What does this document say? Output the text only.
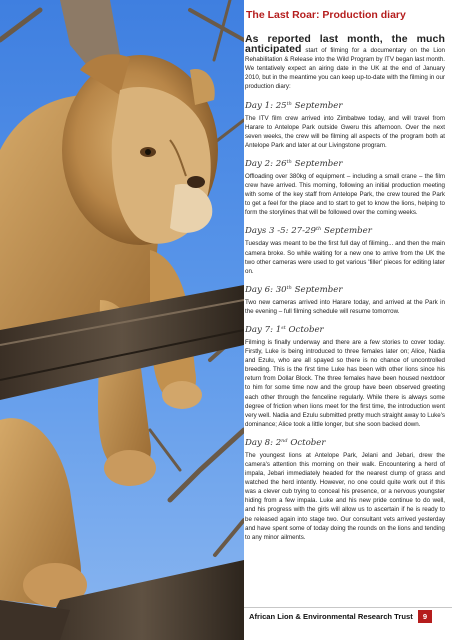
The Last Roar: Production diary

As reported last month, the much anticipated start of filming for a documentary on the Lion Rehabilitation & Release into the Wild Program by ITV began last month. We tentatively expect an airing date in the UK at the end of January 2010, but in the meantime you can keep up-to-date with the filming in our production diary:

Day 1: 25th September

The ITV film crew arrived into Zimbabwe today, and will travel from Harare to Antelope Park outside Gweru this afternoon. Over the next seven weeks, the crew will be filming all aspects of the program both at Antelope Park and later at our Livingstone program.

Day 2: 26th September

Offloading over 380kg of equipment – including a small crane – the film crew have arrived. This morning, following an initial production meeting with some of the key staff from Antelope Park, the crew toured the Park to get a feel for the place and to start to get to know the lions, helping to form the storylines that will be followed over the coming weeks.

Days 3 -5: 27-29th September

Tuesday was meant to be the first full day of filiming... and then the main camera broke. So while waiting for a new one to arrive from the UK the two other cameras were used to get various 'filler' pieces for editing later on.

Day 6: 30th September

Two new cameras arrived into Harare today, and arrived at the Park in the evening – full filming schedule will resume tomorrow.

Day 7: 1st October

Filming is finally underway and there are a few stories to cover today. Firstly, Luke is being introduced to three females later on; Alice, Nadia and Ezulu, who are all spayed so there is no chance of uncontrolled breeding. This is the first time Luke has been with other lions since his return from Dollar Block. The three females have been housed nextdoor to him for some time now and the group have been observed greeting each other through the fenceline regularly. While there is always some degree of friction when lions meet for the first time, the introduction went very well. Nadia and Ezulu submitted pretty much straight away to Luke's dominance; Alice took a little longer, but she soon backed down.

Day 8: 2nd October

The youngest lions at Antelope Park, Jelani and Jebari, drew the camera's attention this morning on their walk. Encountering a herd of impala, Jebari immediately headed for the nearest clump of grass and watched the herd intently. However, no one could quite work out if this was a clever cub trying to conceal his presence, or a nervous youngster hiding from a few impala. Luke and his new pride continue to do well, and his progress with the girls will allow us to ascertain if he is ready to be released again into stage two. Our consultant vets arrived yesterday and have spent some of today doing the rounds on the lions and tending to any minor ailments.

African Lion & Environmental Research Trust	9
